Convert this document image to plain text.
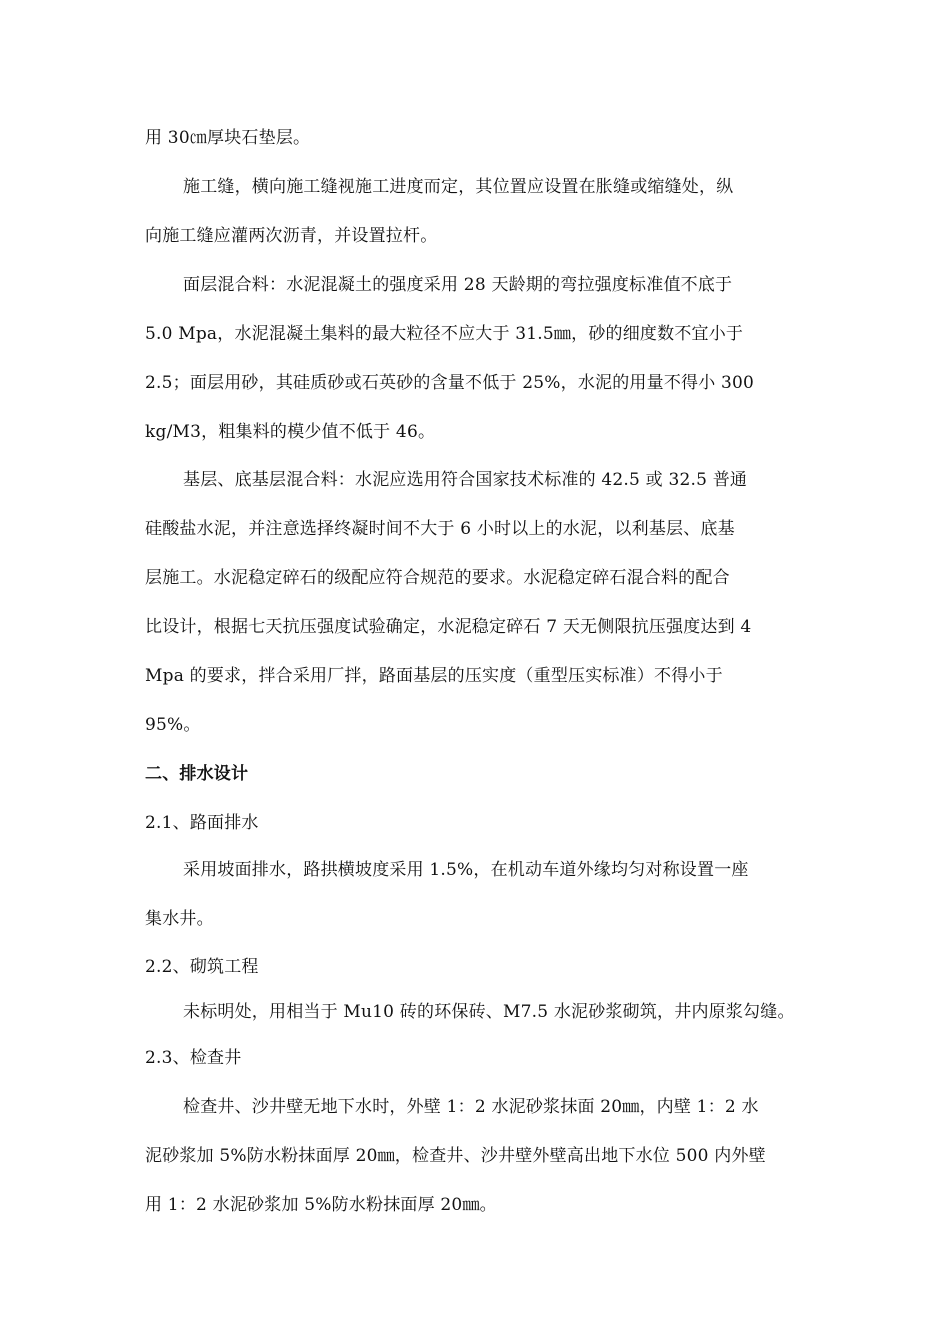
用 30㎝厚块石垫层。
施工缝，横向施工缝视施工进度而定，其位置应设置在胀缝或缩缝处，纵
向施工缝应灌两次沥青，并设置拉杆。
面层混合料：水泥混凝土的强度采用 28 天龄期的弯拉强度标准值不底于
5.0 Mpa，水泥混凝土集料的最大粒径不应大于 31.5㎜，砂的细度数不宜小于
2.5；面层用砂，其硅质砂或石英砂的含量不低于 25%，水泥的用量不得小 300
kg/M3，粗集料的模少值不低于 46。
基层、底基层混合料：水泥应选用符合国家技术标准的 42.5 或 32.5 普通
硅酸盐水泥，并注意选择终凝时间不大于 6 小时以上的水泥，以利基层、底基
层施工。水泥稳定碎石的级配应符合规范的要求。水泥稳定碎石混合料的配合
比设计，根据七天抗压强度试验确定，水泥稳定碎石 7 天无侧限抗压强度达到 4
Mpa 的要求，拌合采用厂拌，路面基层的压实度（重型压实标准）不得小于
95%。
二、排水设计
2.1、路面排水
采用坡面排水，路拱横坡度采用 1.5%，在机动车道外缘均匀对称设置一座
集水井。
2.2、砌筑工程
未标明处，用相当于 Mu10 砖的环保砖、M7.5 水泥砂浆砌筑，井内原浆勾缝。
2.3、检查井
检查井、沙井壁无地下水时，外壁 1：2 水泥砂浆抹面 20㎜，内壁 1：2 水
泥砂浆加 5%防水粉抹面厚 20㎜，检查井、沙井壁外壁高出地下水位 500 内外壁
用 1：2 水泥砂浆加 5%防水粉抹面厚 20㎜。
